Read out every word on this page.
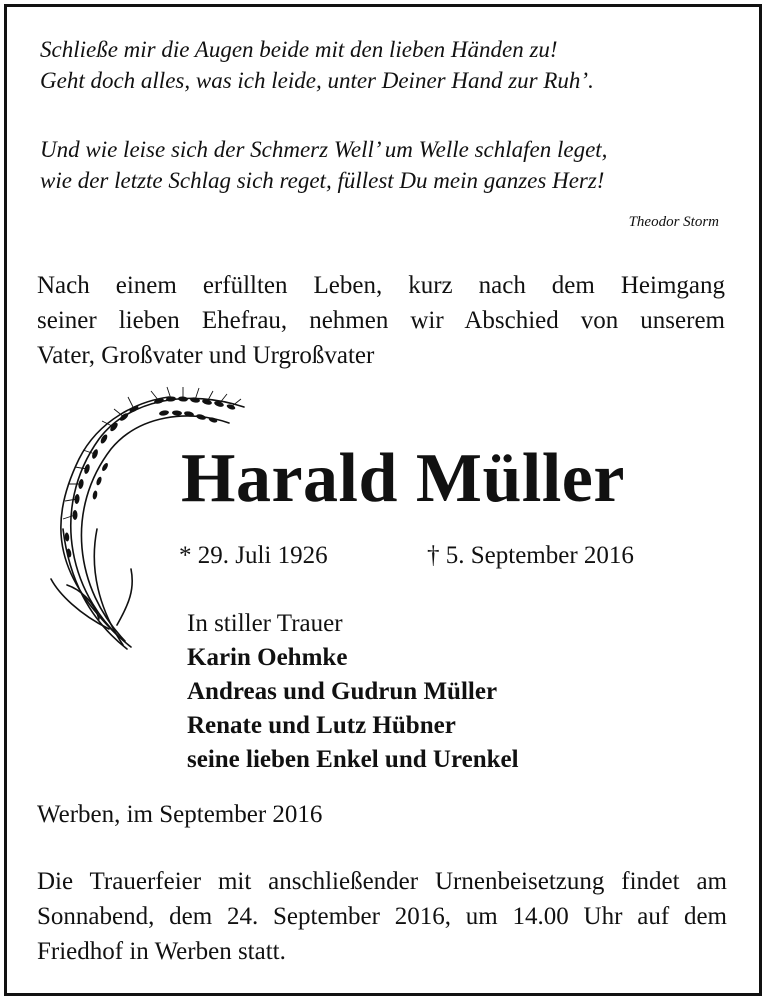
Schließe mir die Augen beide mit den lieben Händen zu!

Geht doch alles, was ich leide, unter Deiner Hand zur Ruh’.

Und wie leise sich der Schmerz Well’ um Welle schlafen leget,

wie der letzte Schlag sich reget, füllest Du mein ganzes Herz!

Theodor Storm
Nach einem erfüllten Leben, kurz nach dem Heimgang
seiner lieben Ehefrau, nehmen wir Abschied von unserem
Vater, Großvater und Urgroßvater
Harald Müller
* 29. Juli 1926	† 5. September 2016
In stiller Trauer
Karin Oehmke
Andreas und Gudrun Müller
Renate und Lutz Hübner
seine lieben Enkel und Urenkel
Werben, im September 2016
Die Trauerfeier mit anschließender Urnenbeisetzung findet am
Sonnabend, dem 24. September 2016, um 14.00 Uhr auf dem
Friedhof in Werben statt.
